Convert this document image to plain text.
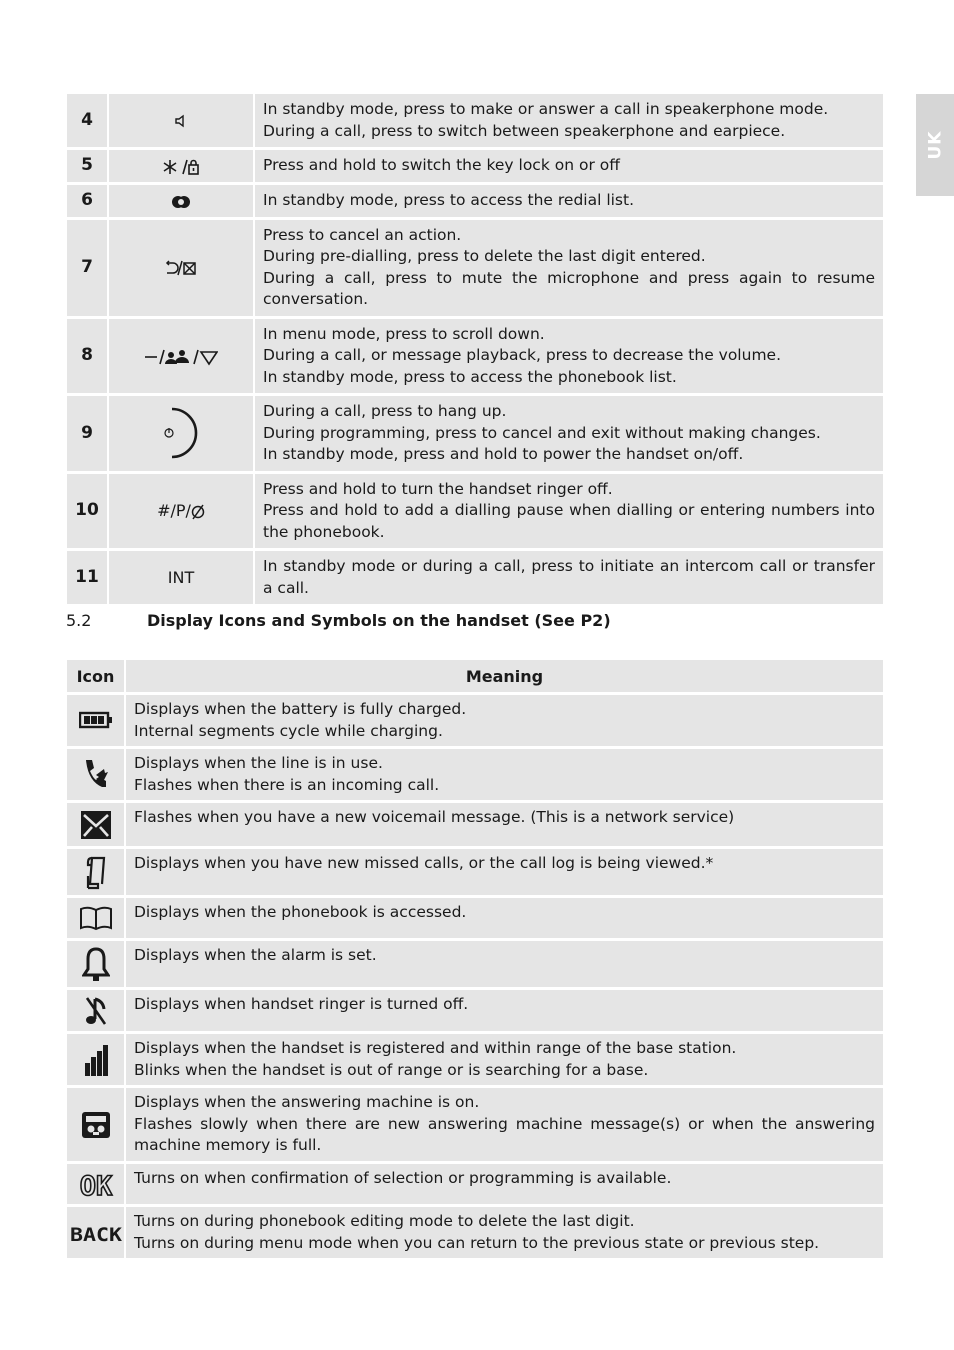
UK
4		In standby mode, press to make or answer a call in speakerphone mode.
During a call, press to switch between speakerphone and earpiece.

5		Press and hold to switch the key lock on or off

6		In standby mode, press to access the redial list.

7		Press to cancel an action.
During pre-dialling, press to delete the last digit entered.
During a call, press to mute the microphone and press again to resume conversation.

8		In menu mode, press to scroll down.
During a call, or message playback, press to decrease the volume.
In standby mode, press to access the phonebook list.

9		During a call, press to hang up.
During programming, press to cancel and exit without making changes.
In standby mode, press and hold to power the handset on/off.

10	#/P/	Press and hold to turn the handset ringer off.
Press and hold to add a dialling pause when dialling or entering numbers into the phonebook.

11	INT	In standby mode or during a call, press to initiate an intercom call or transfer a call.
5.2	Display Icons and Symbols on the handset (See P2)
Icon	Meaning

Displays when the battery is fully charged.
Internal segments cycle while charging.

Displays when the line is in use.
Flashes when there is an incoming call.

Flashes when you have a new voicemail message. (This is a network service)

Displays when you have new missed calls, or the call log is being viewed.*

Displays when the phonebook is accessed.

Displays when the alarm is set.

Displays when handset ringer is turned off.

Displays when the handset is registered and within range of the base station.
Blinks when the handset is out of range or is searching for a base.

Displays when the answering machine is on.
Flashes slowly when there are new answering machine message(s) or when the answering machine memory is full.

OK	Turns on when confirmation of selection or programming is available.

BACK	Turns on during phonebook editing mode to delete the last digit.
Turns on during menu mode when you can return to the previous state or previous step.
